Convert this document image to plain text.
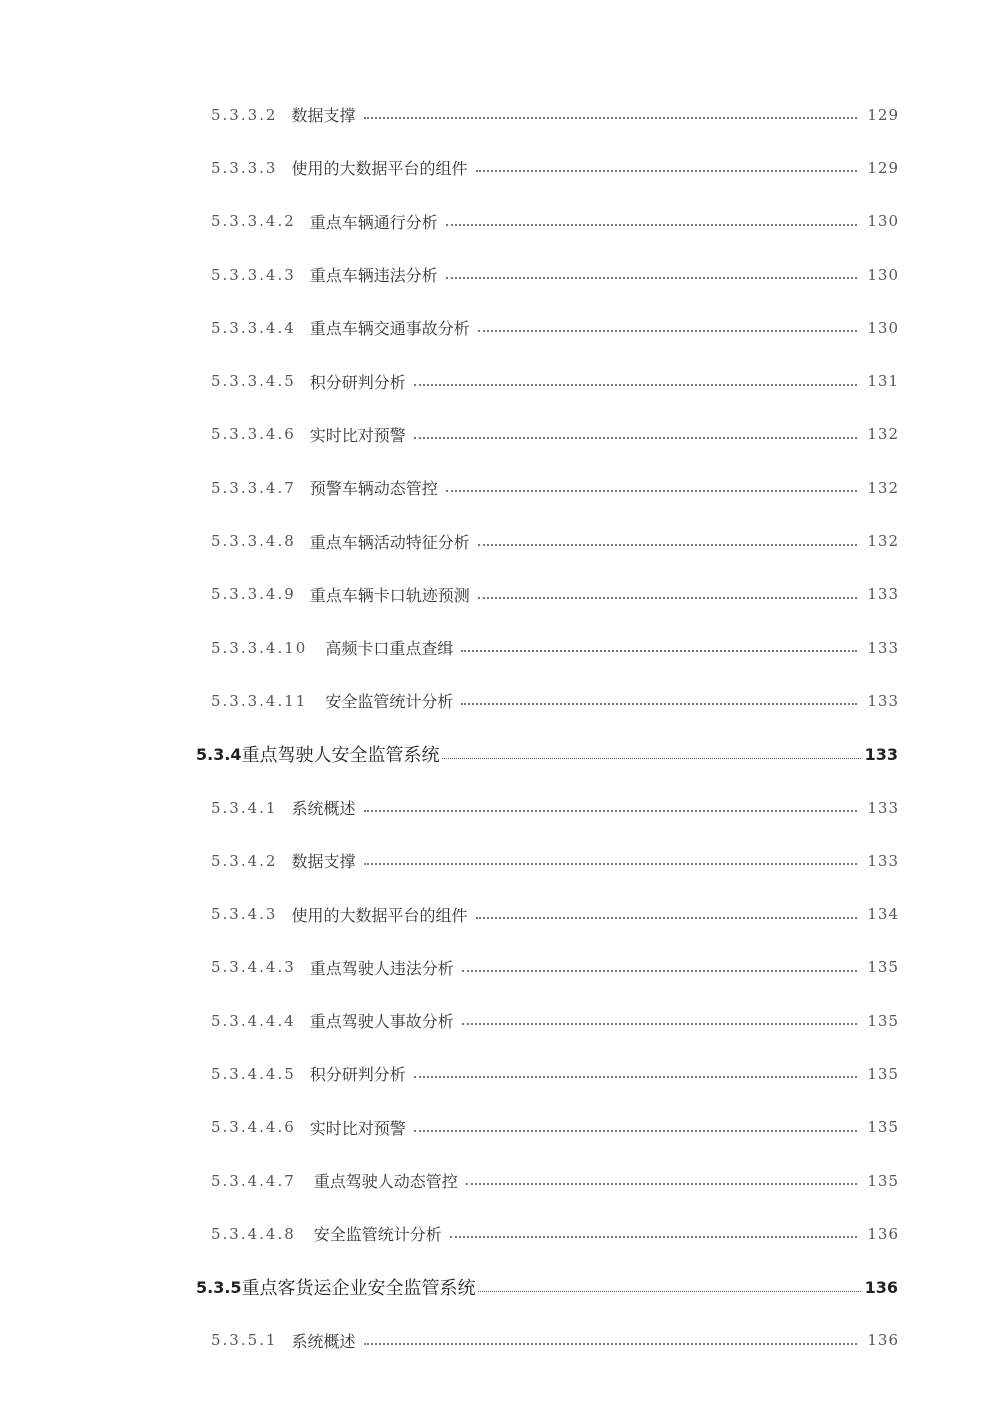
5.3.3.2 数据支撑	129
5.3.3.3 使用的大数据平台的组件	129
5.3.3.4.2 重点车辆通行分析	130
5.3.3.4.3 重点车辆违法分析	130
5.3.3.4.4 重点车辆交通事故分析	130
5.3.3.4.5 积分研判分析	131
5.3.3.4.6 实时比对预警	132
5.3.3.4.7 预警车辆动态管控	132
5.3.3.4.8 重点车辆活动特征分析	132
5.3.3.4.9 重点车辆卡口轨迹预测	133
5.3.3.4.10 高频卡口重点查缉	133
5.3.3.4.11 安全监管统计分析	133
5.3.4 重点驾驶人安全监管系统	133
5.3.4.1 系统概述	133
5.3.4.2 数据支撑	133
5.3.4.3 使用的大数据平台的组件	134
5.3.4.4.3 重点驾驶人违法分析	135
5.3.4.4.4 重点驾驶人事故分析	135
5.3.4.4.5 积分研判分析	135
5.3.4.4.6 实时比对预警	135
5.3.4.4.7 重点驾驶人动态管控	135
5.3.4.4.8 安全监管统计分析	136
5.3.5 重点客货运企业安全监管系统	136
5.3.5.1 系统概述	136
